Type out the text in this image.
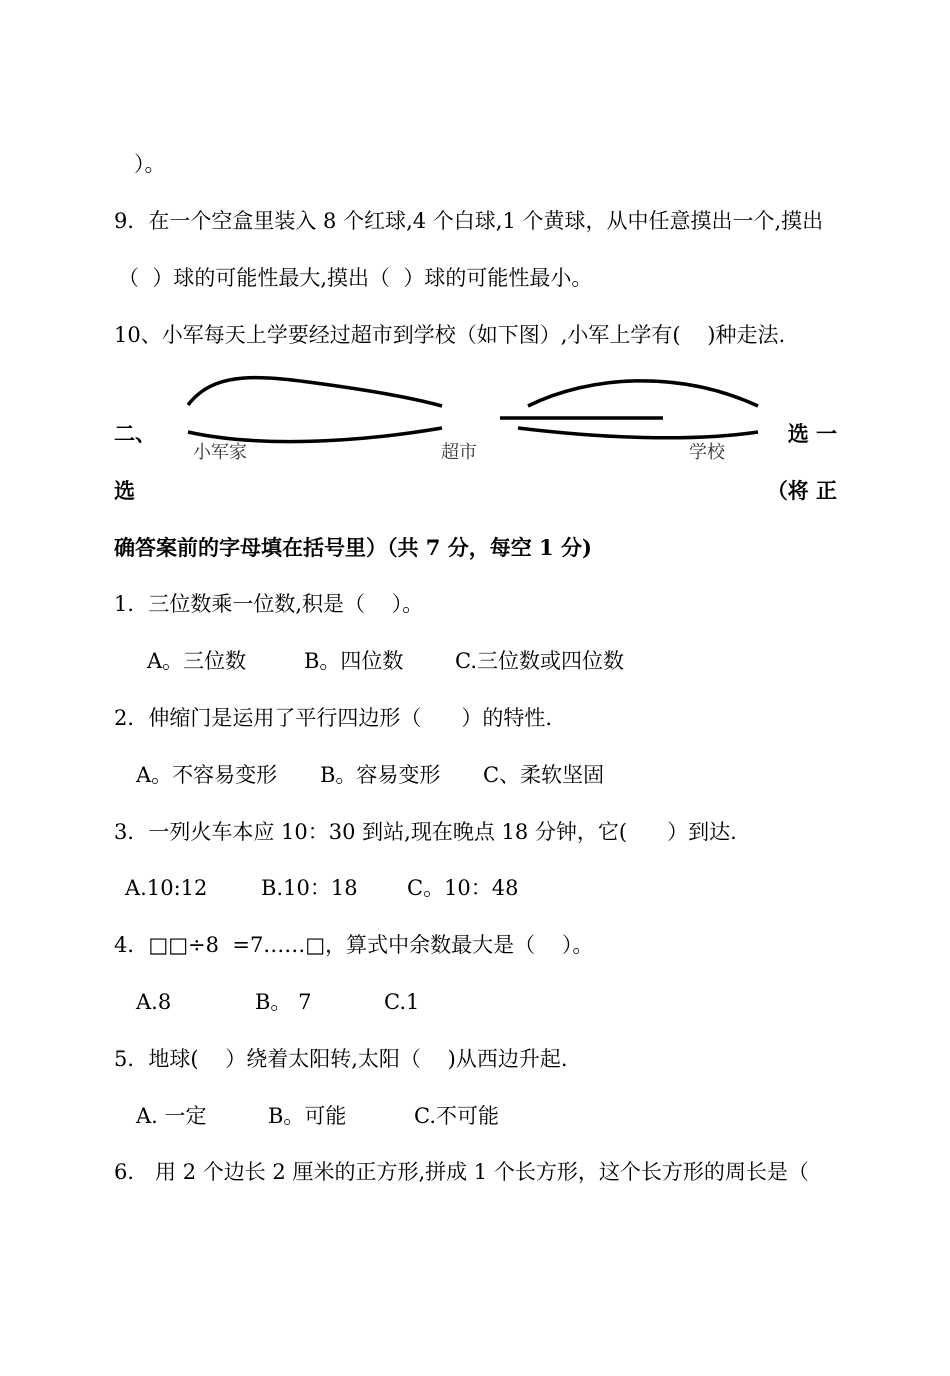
）。
9．在一个空盒里装入 8 个红球,4 个白球,1 个黄球，从中任意摸出一个,摸出
（  ）球的可能性最大,摸出（  ）球的可能性最小。
10、小军每天上学要经过超市到学校（如下图）,小军上学有(    )种走法.
小军家	超市	学校
二、	选 一
选	（将 正
确答案前的字母填在括号里）（共 7 分，每空 1 分)
1．三位数乘一位数,积是（    ）。
A。三位数	B。四位数 C.三位数或四位数
2．伸缩门是运用了平行四边形（      ）的特性.
A。不容易变形 B。容易变形 C、柔软坚固
3．一列火车本应 10：30 到站,现在晚点 18 分钟，它(      ）到达.
A.10:12	B.10：18 C。10：48
4．□□÷8  =7……□，算式中余数最大是（    ）。
A.8	B。 7	C.1
5．地球(    ）绕着太阳转,太阳（    )从西边升起.
A. 一定	B。可能	C.不可能
6． 用 2 个边长 2 厘米的正方形,拼成 1 个长方形，这个长方形的周长是（
